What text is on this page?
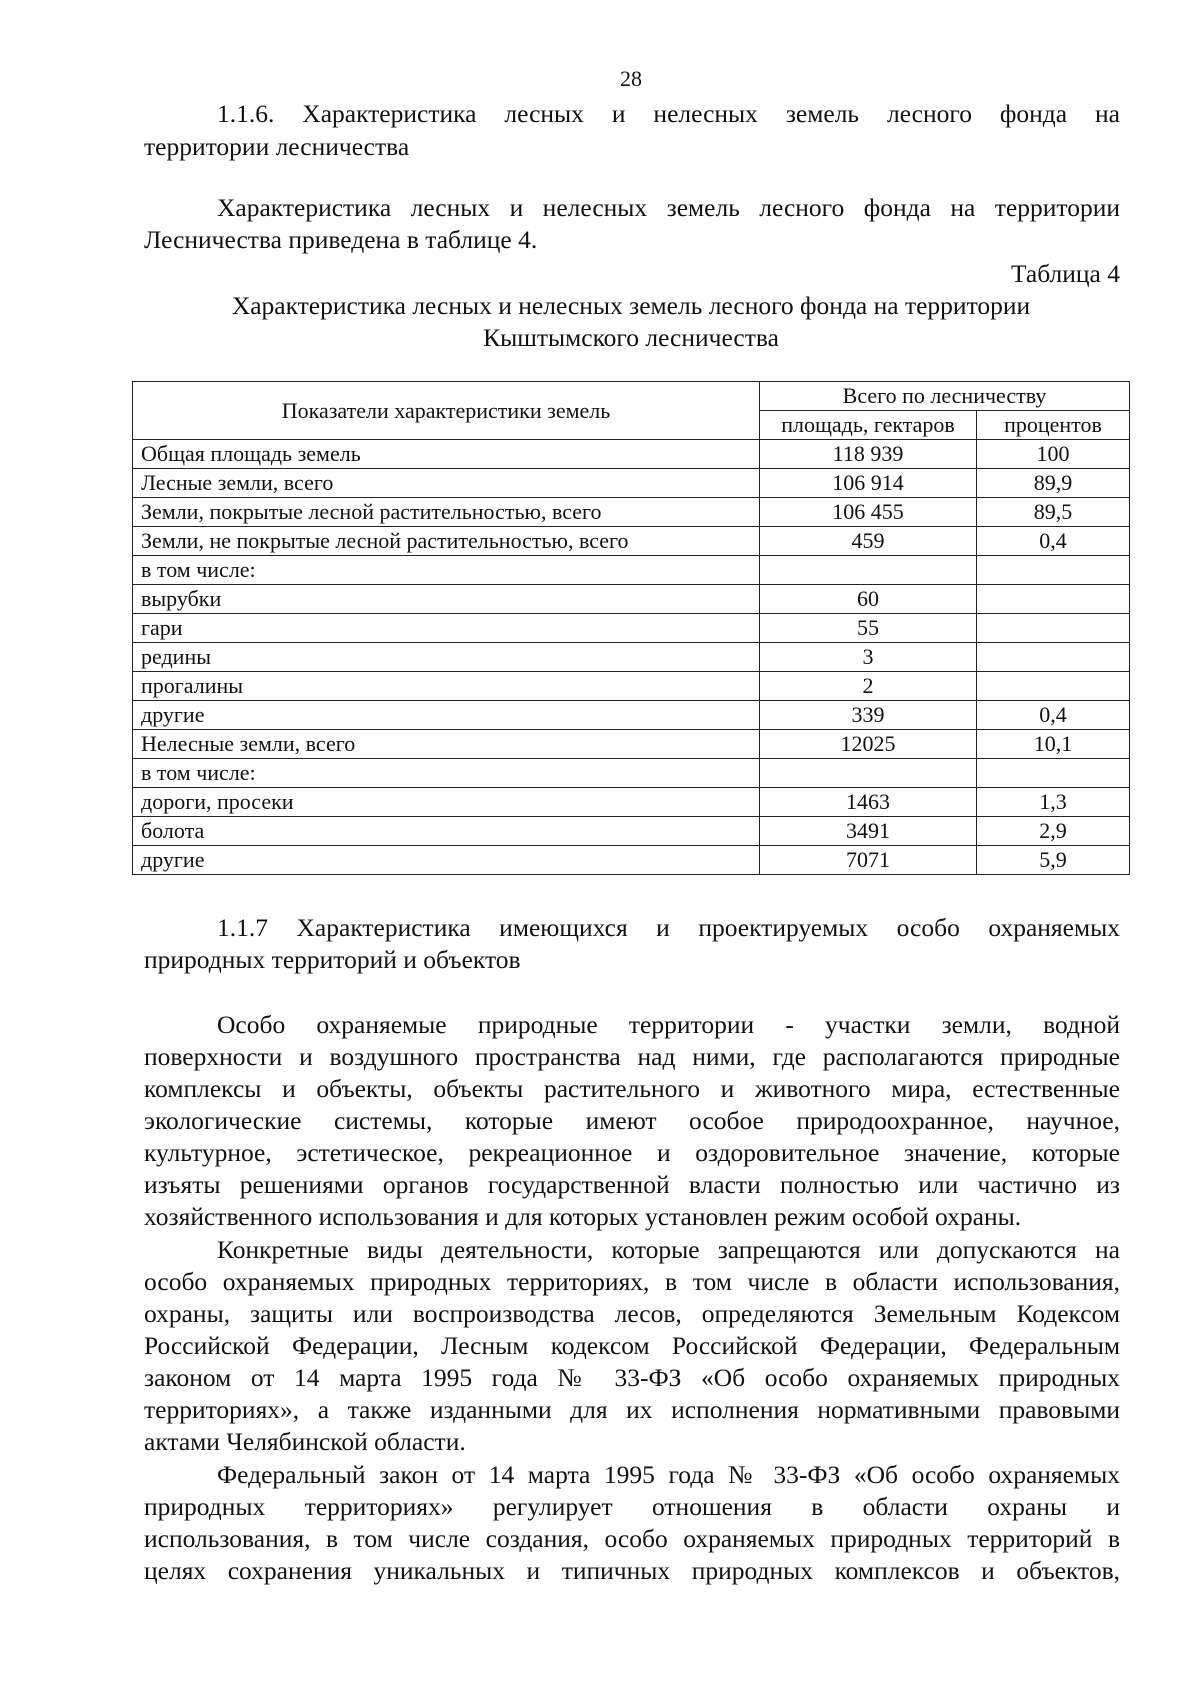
28
1.1.6. Характеристика лесных и нелесных земель лесного фонда на
территории лесничества
Характеристика лесных и нелесных земель лесного фонда на территории
Лесничества приведена в таблице 4.
Таблица 4
Характеристика лесных и нелесных земель лесного фонда на территории
Кыштымского лесничества
Показатели характеристики земель	Всего по лесничеству	
	площадь, гектаров	процентов
Общая площадь земель	118 939	100
Лесные земли, всего	106 914	89,9
Земли, покрытые лесной растительностью, всего	106 455	89,5
Земли, не покрытые лесной растительностью, всего	459	0,4
в том числе:		
вырубки	60	
гари	55	
редины	3	
прогалины	2	
другие	339	0,4
Нелесные земли, всего	12025	10,1
в том числе:		
дороги, просеки	1463	1,3
болота	3491	2,9
другие	7071	5,9
1.1.7 Характеристика имеющихся и проектируемых особо охраняемых
природных территорий и объектов
Особо охраняемые природные территории - участки земли, водной
поверхности и воздушного пространства над ними, где располагаются природные
комплексы и объекты, объекты растительного и животного мира, естественные
экологические системы, которые имеют особое природоохранное, научное,
культурное, эстетическое, рекреационное и оздоровительное значение, которые
изъяты решениями органов государственной власти полностью или частично из
хозяйственного использования и для которых установлен режим особой охраны.
Конкретные виды деятельности, которые запрещаются или допускаются на
особо охраняемых природных территориях, в том числе в области использования,
охраны, защиты или воспроизводства лесов, определяются Земельным Кодексом
Российской Федерации, Лесным кодексом Российской Федерации, Федеральным
законом от 14 марта 1995 года № 33-ФЗ «Об особо охраняемых природных
территориях», а также изданными для их исполнения нормативными правовыми
актами Челябинской области.
Федеральный закон от 14 марта 1995 года № 33-ФЗ «Об особо охраняемых
природных территориях» регулирует отношения в области охраны и
использования, в том числе создания, особо охраняемых природных территорий в
целях сохранения уникальных и типичных природных комплексов и объектов,
